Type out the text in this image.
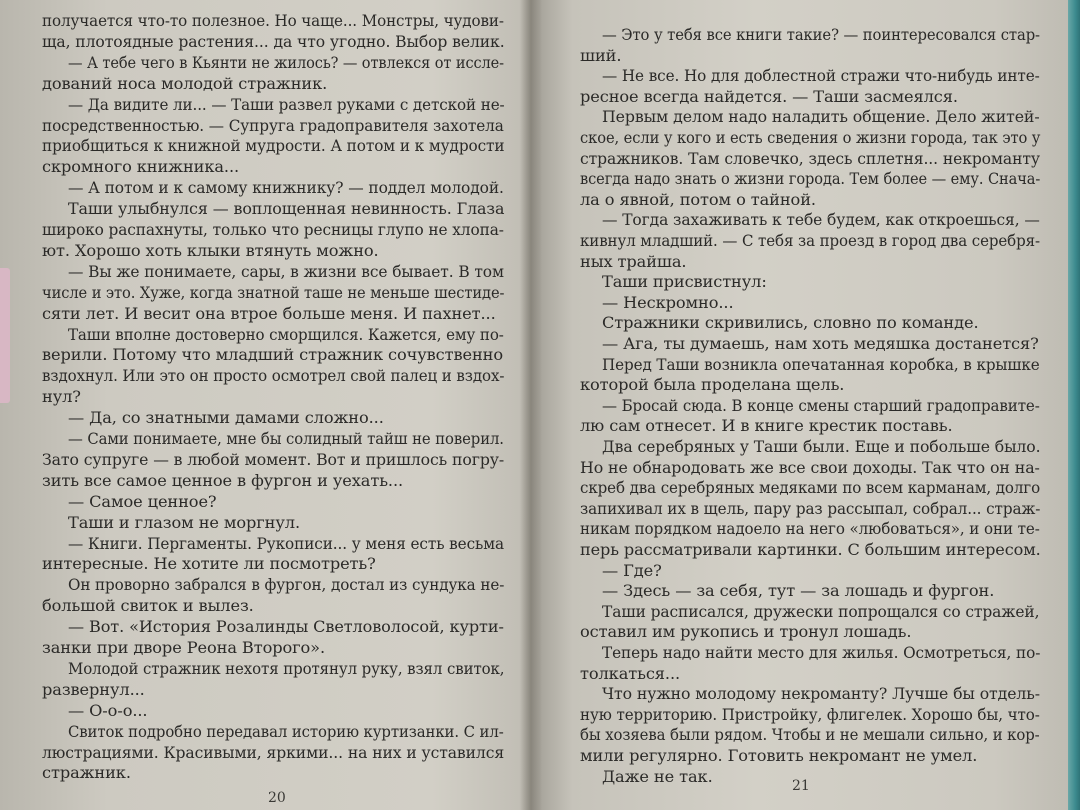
20
получается что-то полезное. Но чаще... Монстры, чудови-
ща, плотоядные растения... да что угодно. Выбор велик.
— А тебе чего в Кьянти не жилось? — отвлекся от иссле-
дований носа молодой стражник.
— Да видите ли... — Таши развел руками с детской не-
посредственностью. — Супруга градоправителя захотела
приобщиться к книжной мудрости. А потом и к мудрости
скромного книжника...
— А потом и к самому книжнику? — поддел молодой.
Таши улыбнулся — воплощенная невинность. Глаза
широко распахнуты, только что ресницы глупо не хлопа-
ют. Хорошо хоть клыки втянуть можно.
— Вы же понимаете, сары, в жизни все бывает. В том
числе и это. Хуже, когда знатной таше не меньше шестиде-
сяти лет. И весит она втрое больше меня. И пахнет...
Таши вполне достоверно сморщился. Кажется, ему по-
верили. Потому что младший стражник сочувственно
вздохнул. Или это он просто осмотрел свой палец и вздох-
нул?
— Да, со знатными дамами сложно...
— Сами понимаете, мне бы солидный тайш не поверил.
Зато супруге — в любой момент. Вот и пришлось погру-
зить все самое ценное в фургон и уехать...
— Самое ценное?
Таши и глазом не моргнул.
— Книги. Пергаменты. Рукописи... у меня есть весьма
интересные. Не хотите ли посмотреть?
Он проворно забрался в фургон, достал из сундука не-
большой свиток и вылез.
— Вот. «История Розалинды Светловолосой, курти-
занки при дворе Реона Второго».
Молодой стражник нехотя протянул руку, взял свиток,
развернул...
— О-о-о...
Свиток подробно передавал историю куртизанки. С ил-
люстрациями. Красивыми, яркими... на них и уставился
стражник.
21
— Это у тебя все книги такие? — поинтересовался стар-
ший.
— Не все. Но для доблестной стражи что-нибудь инте-
ресное всегда найдется. — Таши засмеялся.
Первым делом надо наладить общение. Дело житей-
ское, если у кого и есть сведения о жизни города, так это у
стражников. Там словечко, здесь сплетня... некроманту
всегда надо знать о жизни города. Тем более — ему. Снача-
ла о явной, потом о тайной.
— Тогда захаживать к тебе будем, как откроешься, —
кивнул младший. — С тебя за проезд в город два серебря-
ных трайша.
Таши присвистнул:
— Нескромно...
Стражники скривились, словно по команде.
— Ага, ты думаешь, нам хоть медяшка достанется?
Перед Таши возникла опечатанная коробка, в крышке
которой была проделана щель.
— Бросай сюда. В конце смены старший градоправите-
лю сам отнесет. И в книге крестик поставь.
Два серебряных у Таши были. Еще и побольше было.
Но не обнародовать же все свои доходы. Так что он на-
скреб два серебряных медяками по всем карманам, долго
запихивал их в щель, пару раз рассыпал, собрал... страж-
никам порядком надоело на него «любоваться», и они те-
перь рассматривали картинки. С большим интересом.
— Где?
— Здесь — за себя, тут — за лошадь и фургон.
Таши расписался, дружески попрощался со стражей,
оставил им рукопись и тронул лошадь.
Теперь надо найти место для жилья. Осмотреться, по-
толкаться...
Что нужно молодому некроманту? Лучше бы отдель-
ную территорию. Пристройку, флигелек. Хорошо бы, что-
бы хозяева были рядом. Чтобы и не мешали сильно, и кор-
мили регулярно. Готовить некромант не умел.
Даже не так.
